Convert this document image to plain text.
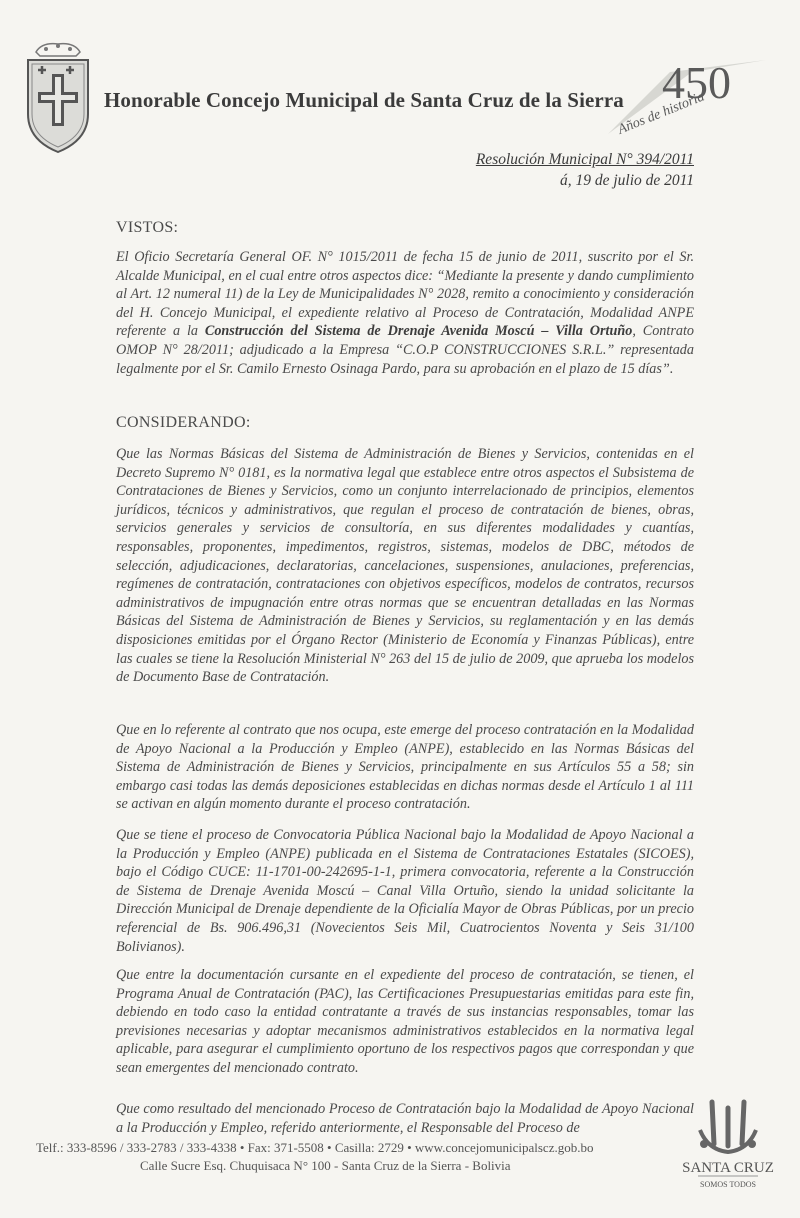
Honorable Concejo Municipal de Santa Cruz de la Sierra 450
Años de historia
Resolución Municipal N° 394/2011
á, 19 de julio de 2011
VISTOS:
El Oficio Secretaría General OF. N° 1015/2011 de fecha 15 de junio de 2011, suscrito por el Sr. Alcalde Municipal, en el cual entre otros aspectos dice: “Mediante la presente y dando cumplimiento al Art. 12 numeral 11) de la Ley de Municipalidades N° 2028, remito a conocimiento y consideración del H. Concejo Municipal, el expediente relativo al Proceso de Contratación, Modalidad ANPE referente a la Construcción del Sistema de Drenaje Avenida Moscú – Villa Ortuño, Contrato OMOP N° 28/2011; adjudicado a la Empresa “C.O.P CONSTRUCCIONES S.R.L.” representada legalmente por el Sr. Camilo Ernesto Osinaga Pardo, para su aprobación en el plazo de 15 días”.
CONSIDERANDO:
Que las Normas Básicas del Sistema de Administración de Bienes y Servicios, contenidas en el Decreto Supremo N° 0181, es la normativa legal que establece entre otros aspectos el Subsistema de Contrataciones de Bienes y Servicios, como un conjunto interrelacionado de principios, elementos jurídicos, técnicos y administrativos, que regulan el proceso de contratación de bienes, obras, servicios generales y servicios de consultoría, en sus diferentes modalidades y cuantías, responsables, proponentes, impedimentos, registros, sistemas, modelos de DBC, métodos de selección, adjudicaciones, declaratorias, cancelaciones, suspensiones, anulaciones, preferencias, regímenes de contratación, contrataciones con objetivos específicos, modelos de contratos, recursos administrativos de impugnación entre otras normas que se encuentran detalladas en las Normas Básicas del Sistema de Administración de Bienes y Servicios, su reglamentación y en las demás disposiciones emitidas por el Órgano Rector (Ministerio de Economía y Finanzas Públicas), entre las cuales se tiene la Resolución Ministerial N° 263 del 15 de julio de 2009, que aprueba los modelos de Documento Base de Contratación.
Que en lo referente al contrato que nos ocupa, este emerge del proceso contratación en la Modalidad de Apoyo Nacional a la Producción y Empleo (ANPE), establecido en las Normas Básicas del Sistema de Administración de Bienes y Servicios, principalmente en sus Artículos 55 a 58; sin embargo casi todas las demás deposiciones establecidas en dichas normas desde el Artículo 1 al 111 se activan en algún momento durante el proceso contratación.
Que se tiene el proceso de Convocatoria Pública Nacional bajo la Modalidad de Apoyo Nacional a la Producción y Empleo (ANPE) publicada en el Sistema de Contrataciones Estatales (SICOES), bajo el Código CUCE: 11-1701-00-242695-1-1, primera convocatoria, referente a la Construcción de Sistema de Drenaje Avenida Moscú – Canal Villa Ortuño, siendo la unidad solicitante la Dirección Municipal de Drenaje dependiente de la Oficialía Mayor de Obras Públicas, por un precio referencial de Bs. 906.496,31 (Novecientos Seis Mil, Cuatrocientos Noventa y Seis 31/100 Bolivianos).
Que entre la documentación cursante en el expediente del proceso de contratación, se tienen, el Programa Anual de Contratación (PAC), las Certificaciones Presupuestarias emitidas para este fin, debiendo en todo caso la entidad contratante a través de sus instancias responsables, tomar las previsiones necesarias y adoptar mecanismos administrativos establecidos en la normativa legal aplicable, para asegurar el cumplimiento oportuno de los respectivos pagos que correspondan y que sean emergentes del mencionado contrato.
Que como resultado del mencionado Proceso de Contratación bajo la Modalidad de Apoyo Nacional a la Producción y Empleo, referido anteriormente, el Responsable del Proceso de
Telf.: 333-8596 / 333-2783 / 333-4338 • Fax: 371-5508 • Casilla: 2729 • www.concejomunicipalscz.gob.bo
Calle Sucre Esq. Chuquisaca N° 100 - Santa Cruz de la Sierra - Bolivia	SANTA CRUZ
SOMOS TODOS
